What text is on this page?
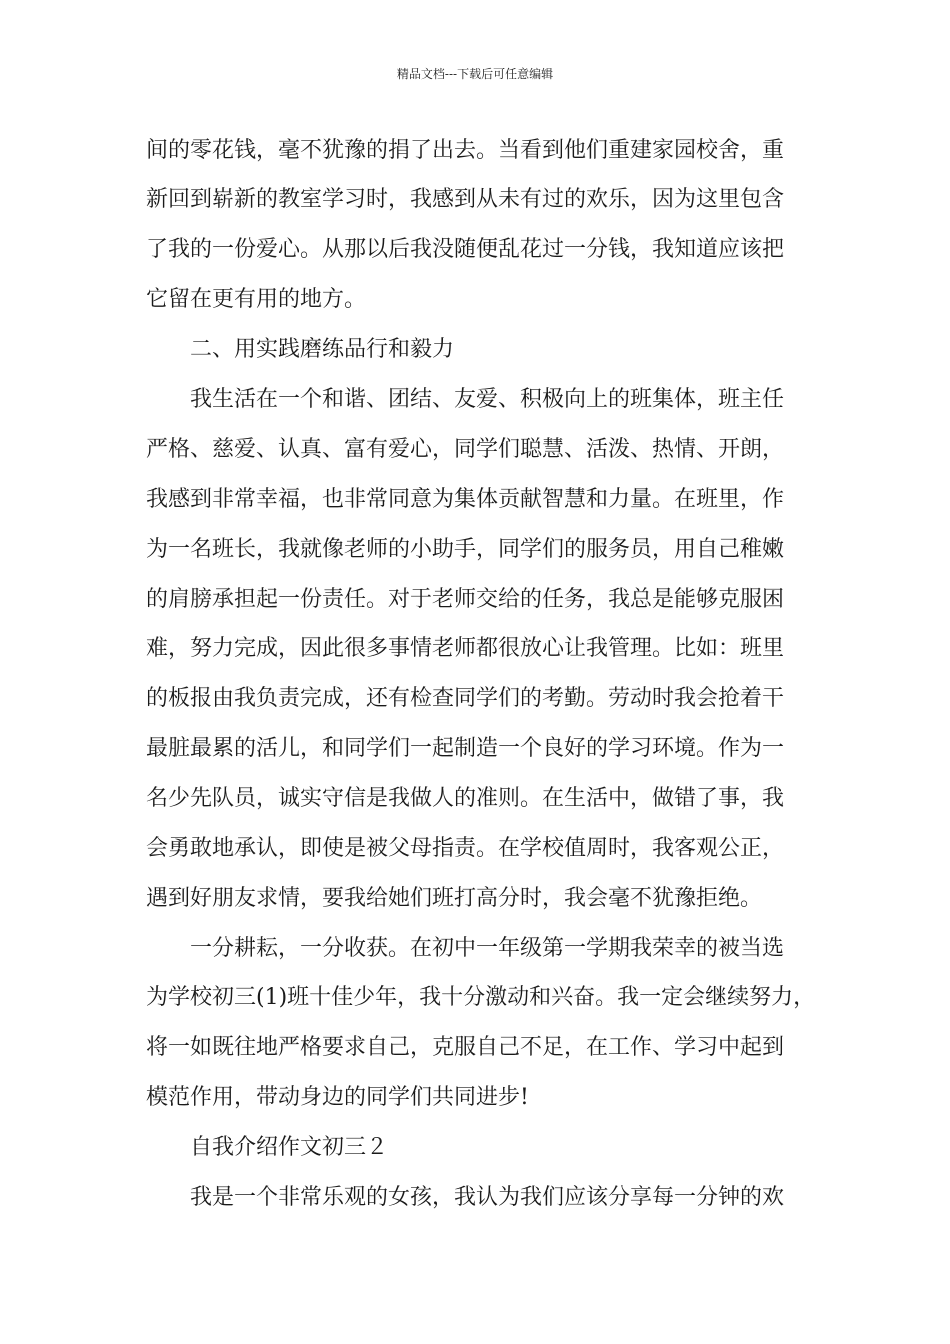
精品文档---下载后可任意编辑
间的零花钱，毫不犹豫的捐了出去。当看到他们重建家园校舍，重
新回到崭新的教室学习时，我感到从未有过的欢乐，因为这里包含
了我的一份爱心。从那以后我没随便乱花过一分钱，我知道应该把
它留在更有用的地方。
　　二、用实践磨练品行和毅力
　　我生活在一个和谐、团结、友爱、积极向上的班集体，班主任
严格、慈爱、认真、富有爱心，同学们聪慧、活泼、热情、开朗，
我感到非常幸福，也非常同意为集体贡献智慧和力量。在班里，作
为一名班长，我就像老师的小助手，同学们的服务员，用自己稚嫩
的肩膀承担起一份责任。对于老师交给的任务，我总是能够克服困
难，努力完成，因此很多事情老师都很放心让我管理。比如：班里
的板报由我负责完成，还有检查同学们的考勤。劳动时我会抢着干
最脏最累的活儿，和同学们一起制造一个良好的学习环境。作为一
名少先队员，诚实守信是我做人的准则。在生活中，做错了事，我
会勇敢地承认，即使是被父母指责。在学校值周时，我客观公正，
遇到好朋友求情，要我给她们班打高分时，我会毫不犹豫拒绝。
　　一分耕耘，一分收获。在初中一年级第一学期我荣幸的被当选
为学校初三(1)班十佳少年，我十分激动和兴奋。我一定会继续努力，
将一如既往地严格要求自己，克服自己不足，在工作、学习中起到
模范作用，带动身边的同学们共同进步!
　　自我介绍作文初三２
　　我是一个非常乐观的女孩，我认为我们应该分享每一分钟的欢
